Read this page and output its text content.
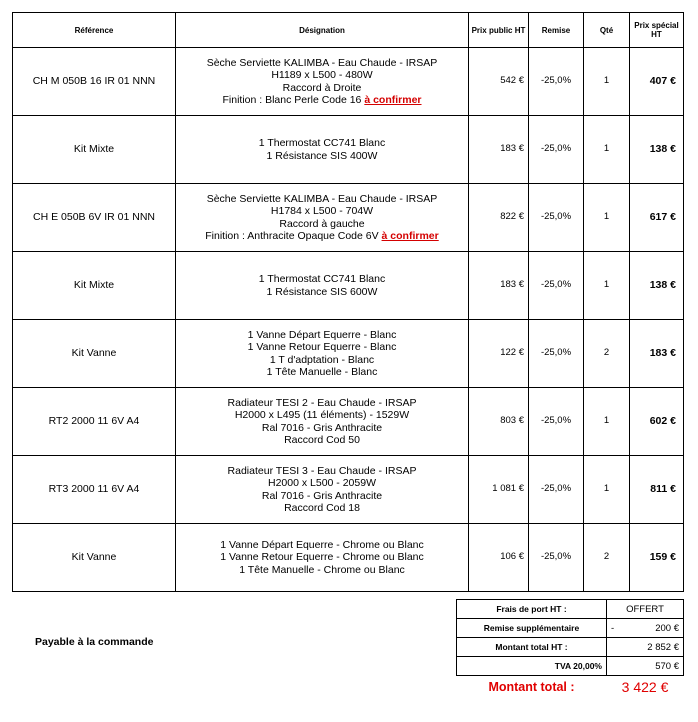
Référence	Désignation	Prix public HT	Remise	Qté	Prix spécial HT
CH M 050B 16 IR 01 NNN	Sèche Serviette KALIMBA - Eau Chaude - IRSAP
H1189 x L500 - 480W
Raccord à Droite
Finition : Blanc Perle Code 16 à confirmer	542 €	-25,0%	1	407 €
Kit Mixte	1 Thermostat CC741 Blanc
1 Résistance SIS 400W	183 €	-25,0%	1	138 €
CH E 050B 6V IR 01 NNN	Sèche Serviette KALIMBA - Eau Chaude - IRSAP
H1784 x L500 - 704W
Raccord à gauche
Finition : Anthracite Opaque Code 6V à confirmer	822 €	-25,0%	1	617 €
Kit Mixte	1 Thermostat CC741 Blanc
1 Résistance SIS 600W	183 €	-25,0%	1	138 €
Kit Vanne	1 Vanne Départ Equerre - Blanc
1 Vanne Retour Equerre - Blanc
1 T d'adptation - Blanc
1 Tête Manuelle - Blanc	122 €	-25,0%	2	183 €
RT2 2000 11 6V A4	Radiateur TESI 2 - Eau Chaude - IRSAP
H2000 x L495 (11 éléments) - 1529W
Ral 7016 - Gris Anthracite
Raccord Cod 50	803 €	-25,0%	1	602 €
RT3 2000 11 6V A4	Radiateur TESI 3 - Eau Chaude - IRSAP
H2000 x L500 - 2059W
Ral 7016 - Gris Anthracite
Raccord Cod 18	1 081 €	-25,0%	1	811 €
Kit Vanne	1 Vanne Départ Equerre - Chrome ou Blanc
1 Vanne Retour Equerre - Chrome ou Blanc
1 Tête Manuelle - Chrome ou Blanc	106 €	-25,0%	2	159 €
Payable à la commande
Frais de port HT :	OFFERT
Remise supplémentaire	- 200 €
Montant total HT :	2 852 €
TVA 20,00%	570 €
Montant total :	3 422 €
